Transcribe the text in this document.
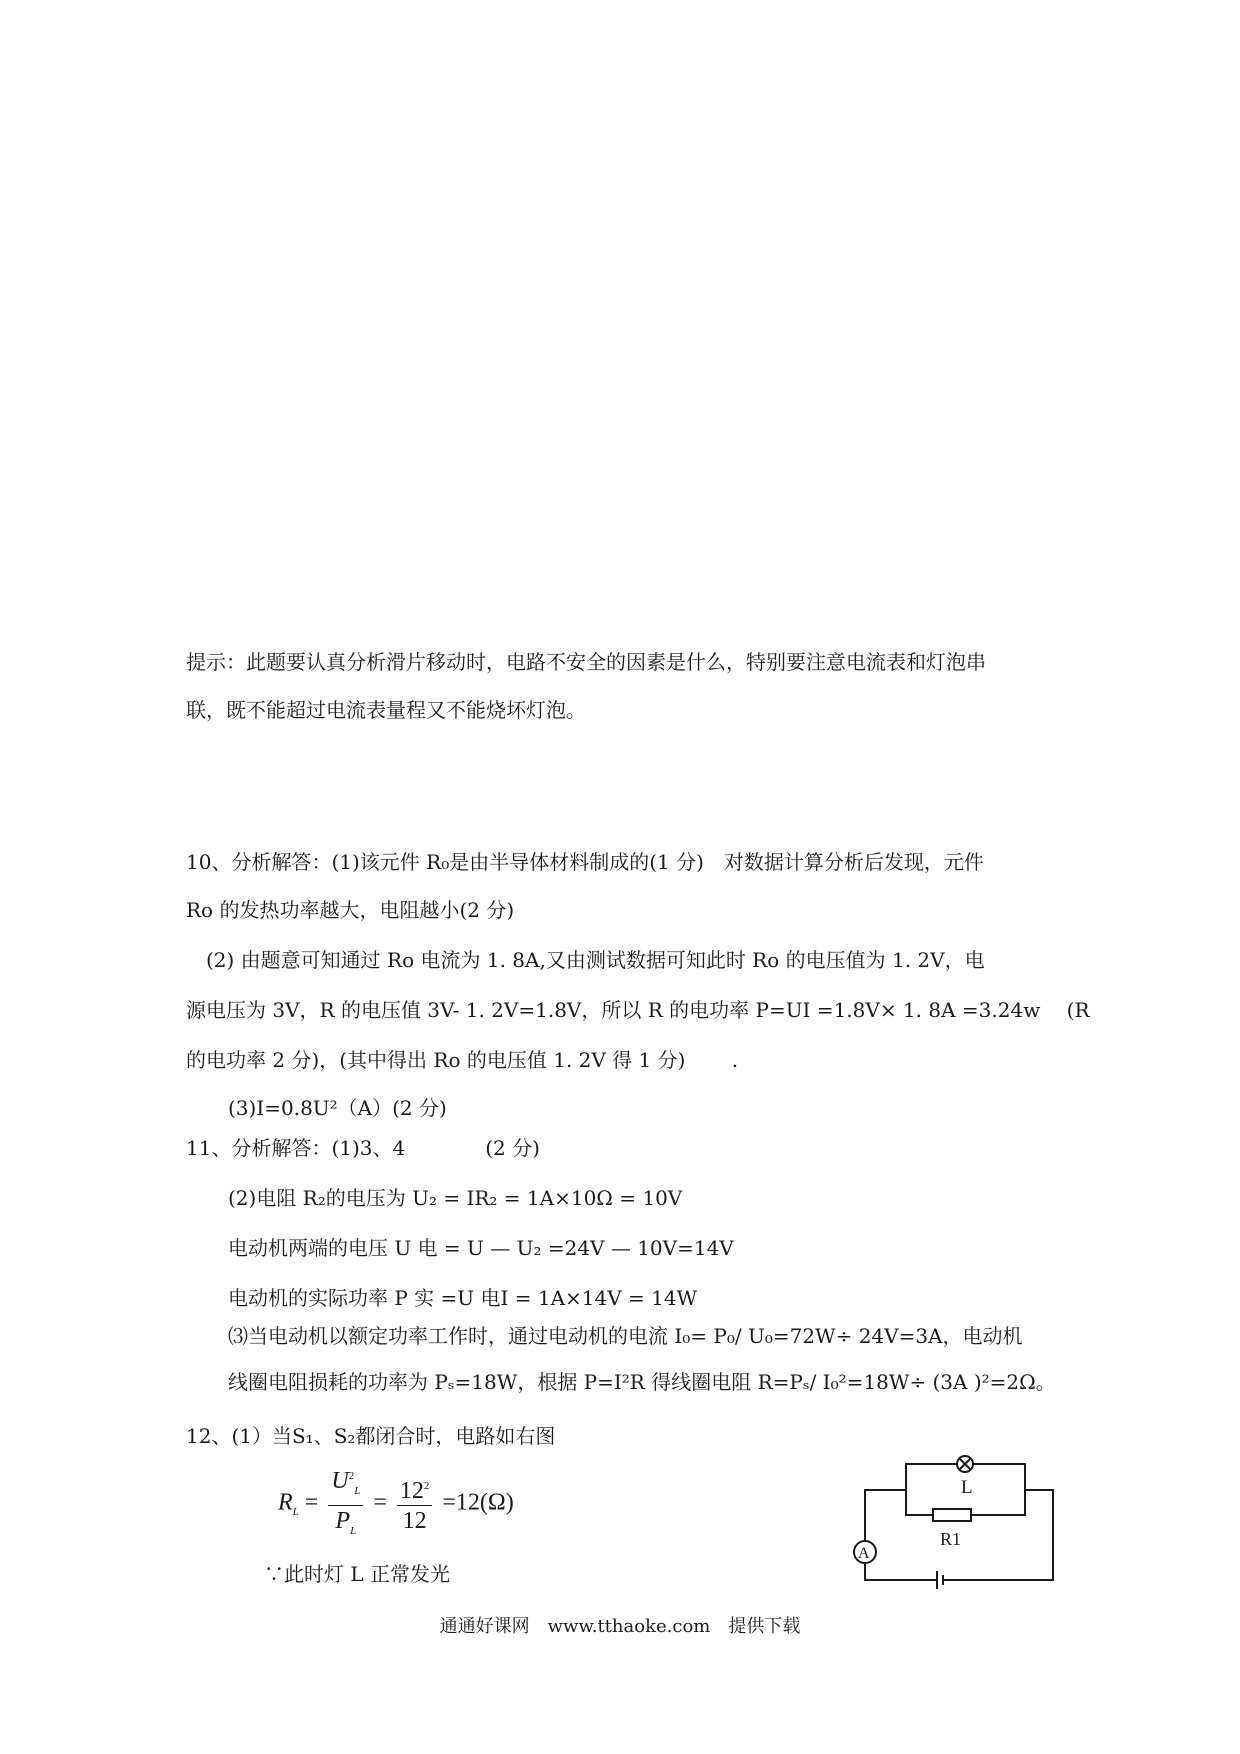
提示：此题要认真分析滑片移动时，电路不安全的因素是什么，特别要注意电流表和灯泡串
联，既不能超过电流表量程又不能烧坏灯泡。
10、分析解答：(1)该元件 R₀是由半导体材料制成的(1 分)　对数据计算分析后发现，元件
Ro 的发热功率越大，电阻越小(2 分)
　(2) 由题意可知通过 Ro 电流为 1. 8A,又由测试数据可知此时 Ro 的电压值为 1. 2V，电
源电压为 3V，R 的电压值 3V- 1. 2V=1.8V，所以 R 的电功率 P=UI =1.8V× 1. 8A =3.24w　 (R
的电功率 2 分)，(其中得出 Ro 的电压值 1. 2V 得 1 分)　　 .
(3)I=0.8U²（A）(2 分)
11、分析解答：(1)3、4　　　　(2 分)
(2)电阻 R₂的电压为 U₂ = IR₂ = 1A×10Ω = 10V
电动机两端的电压 U 电 = U — U₂ =24V — 10V=14V
电动机的实际功率 P 实 =U 电I = 1A×14V = 14W
⑶当电动机以额定功率工作时，通过电动机的电流 I₀= P₀/ U₀=72W÷ 24V=3A，电动机
线圈电阻损耗的功率为 Pₛ=18W，根据 P=I²R 得线圈电阻 R=Pₛ/ I₀²=18W÷ (3A )²=2Ω。
12、(1）当S₁、S₂都闭合时，电路如右图
$R_L = \frac{U^2_L}{P_L} = \frac{12^2}{12} =12(\Omega)$
∵此时灯 L 正常发光
L
R1
A
通通好课网　www.tthaoke.com　提供下载
